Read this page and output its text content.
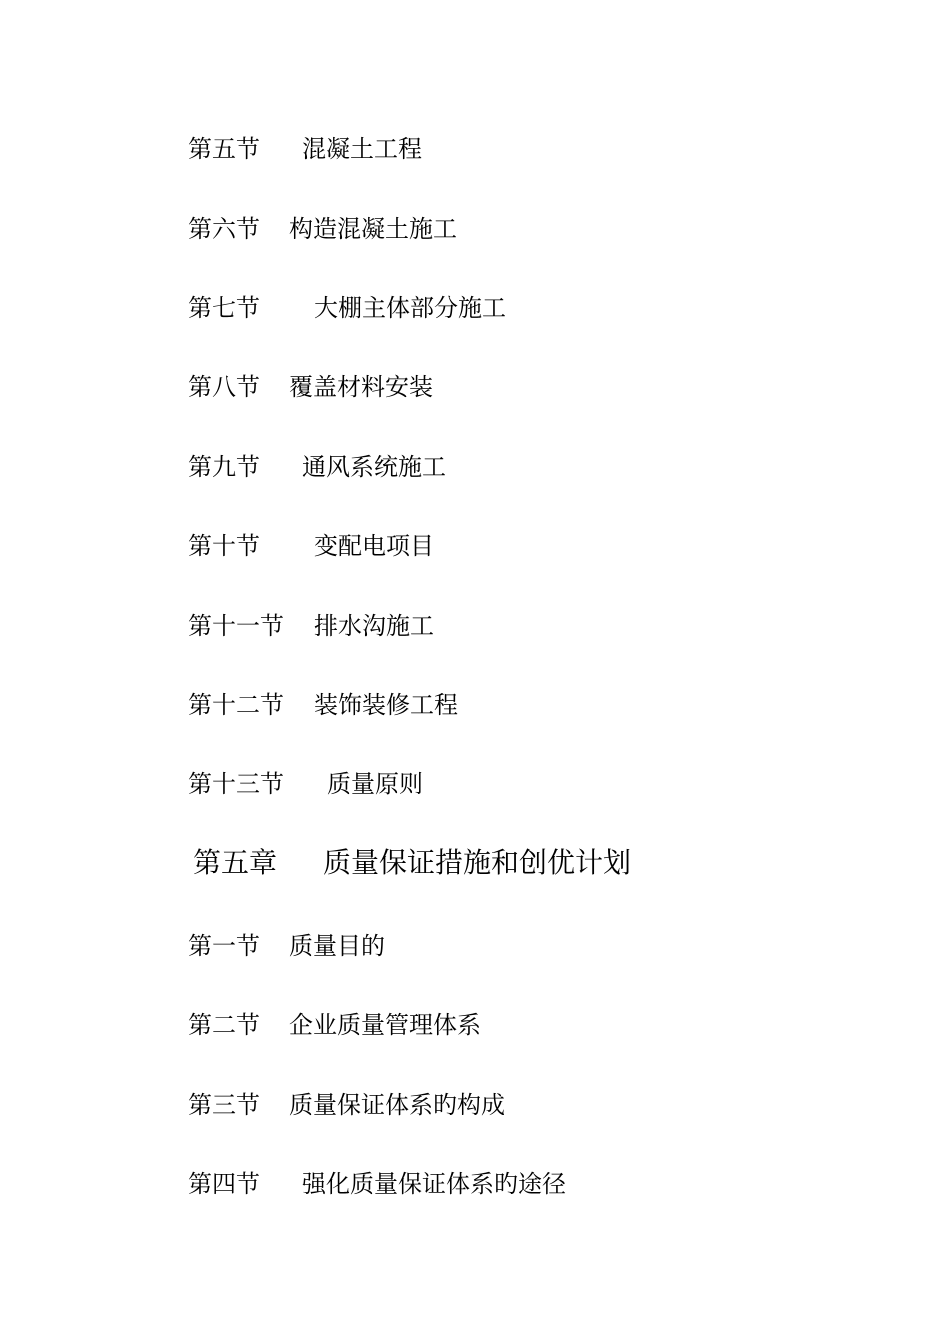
第五节 混凝土工程
第六节 构造混凝土施工
第七节 大棚主体部分施工
第八节 覆盖材料安装
第九节 通风系统施工
第十节 变配电项目
第十一节 排水沟施工
第十二节 装饰装修工程
第十三节 质量原则
第五章 质量保证措施和创优计划
第一节 质量目的
第二节 企业质量管理体系
第三节 质量保证体系旳构成
第四节 强化质量保证体系旳途径
